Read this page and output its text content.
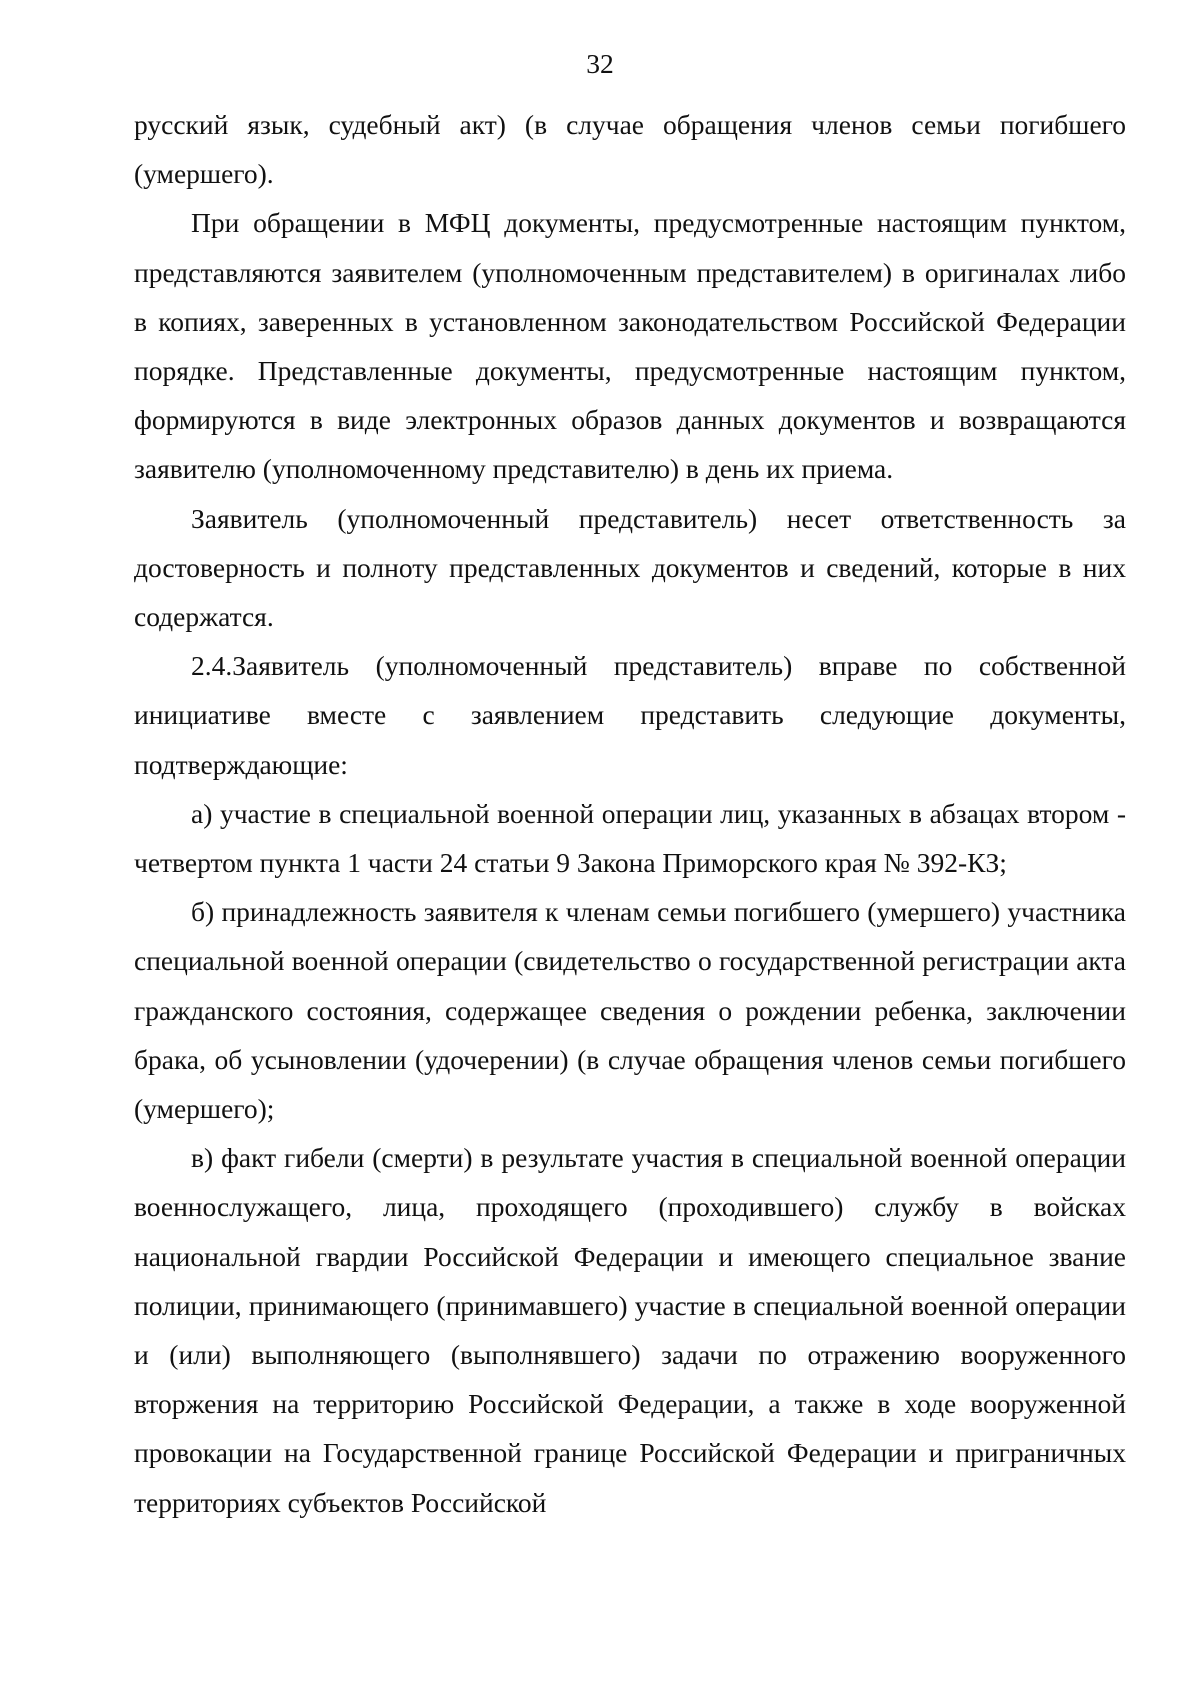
32

русский язык, судебный акт) (в случае обращения членов семьи погибшего (умершего).

При обращении в МФЦ документы, предусмотренные настоящим пунктом, представляются заявителем (уполномоченным представителем) в оригиналах либо в копиях, заверенных в установленном законодательством Российской Федерации порядке. Представленные документы, предусмотренные настоящим пунктом, формируются в виде электронных образов данных документов и возвращаются заявителю (уполномоченному представителю) в день их приема.

Заявитель (уполномоченный представитель) несет ответственность за достоверность и полноту представленных документов и сведений, которые в них содержатся.

2.4.Заявитель (уполномоченный представитель) вправе по собственной инициативе вместе с заявлением представить следующие документы, подтверждающие:

а) участие в специальной военной операции лиц, указанных в абзацах втором - четвертом пункта 1 части 24 статьи 9 Закона Приморского края № 392-КЗ;

б) принадлежность заявителя к членам семьи погибшего (умершего) участника специальной военной операции (свидетельство о государственной регистрации акта гражданского состояния, содержащее сведения о рождении ребенка, заключении брака, об усыновлении (удочерении) (в случае обращения членов семьи погибшего (умершего);

в) факт гибели (смерти) в результате участия в специальной военной операции военнослужащего, лица, проходящего (проходившего) службу в войсках национальной гвардии Российской Федерации и имеющего специальное звание полиции, принимающего (принимавшего) участие в специальной военной операции и (или) выполняющего (выполнявшего) задачи по отражению вооруженного вторжения на территорию Российской Федерации, а также в ходе вооруженной провокации на Государственной границе Российской Федерации и приграничных территориях субъектов Российской
